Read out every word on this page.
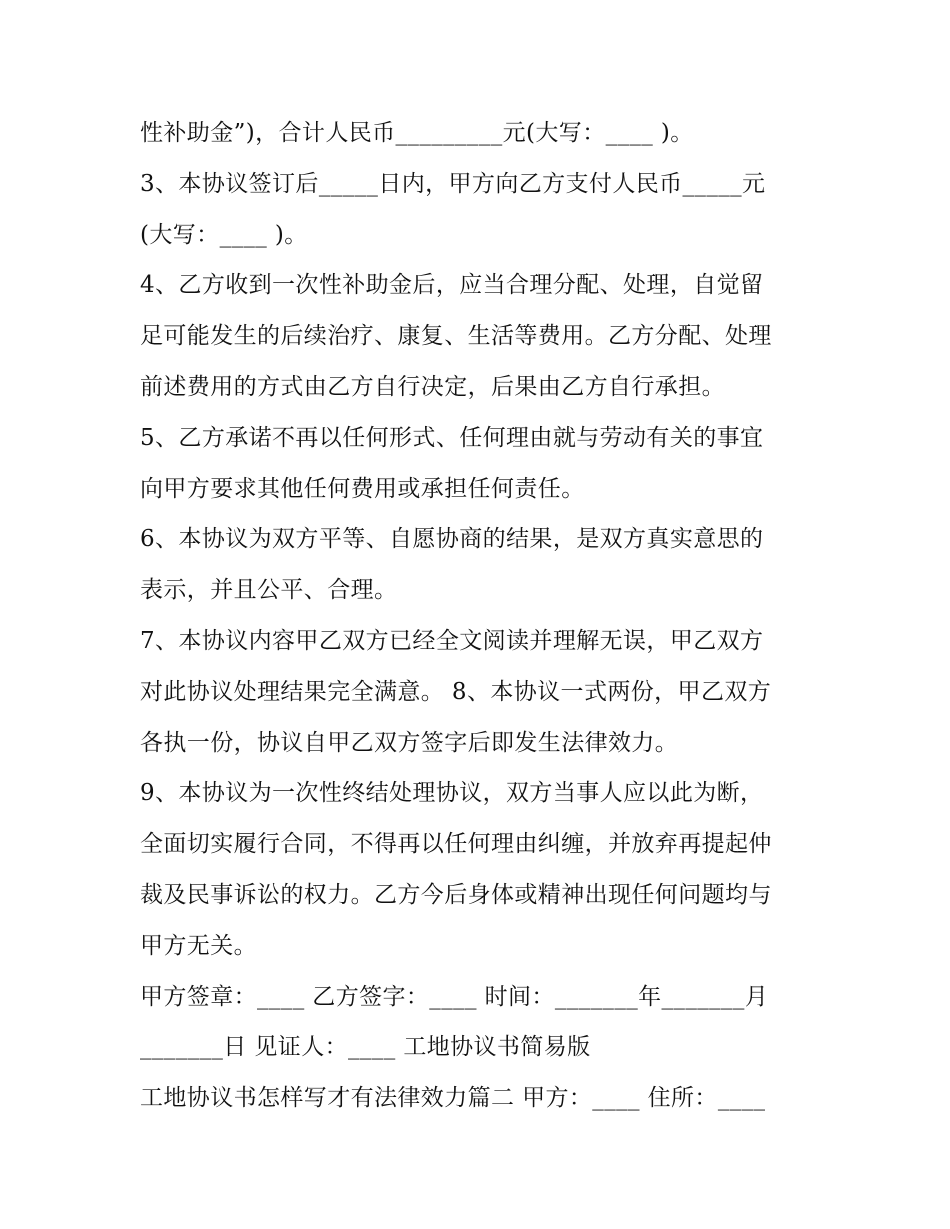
性补助金”)，合计人民币_________元(大写：____ )。
3、本协议签订后_____日内，甲方向乙方支付人民币_____元
(大写：____ )。
4、乙方收到一次性补助金后，应当合理分配、处理，自觉留
足可能发生的后续治疗、康复、生活等费用。乙方分配、处理
前述费用的方式由乙方自行决定，后果由乙方自行承担。
5、乙方承诺不再以任何形式、任何理由就与劳动有关的事宜
向甲方要求其他任何费用或承担任何责任。
6、本协议为双方平等、自愿协商的结果，是双方真实意思的
表示，并且公平、合理。
7、本协议内容甲乙双方已经全文阅读并理解无误，甲乙双方
对此协议处理结果完全满意。 8、本协议一式两份，甲乙双方
各执一份，协议自甲乙双方签字后即发生法律效力。
9、本协议为一次性终结处理协议，双方当事人应以此为断，
全面切实履行合同，不得再以任何理由纠缠，并放弃再提起仲
裁及民事诉讼的权力。乙方今后身体或精神出现任何问题均与
甲方无关。
甲方签章：____ 乙方签字：____ 时间：_______年_______月
_______日 见证人：____ 工地协议书简易版
工地协议书怎样写才有法律效力篇二 甲方：____ 住所：____
